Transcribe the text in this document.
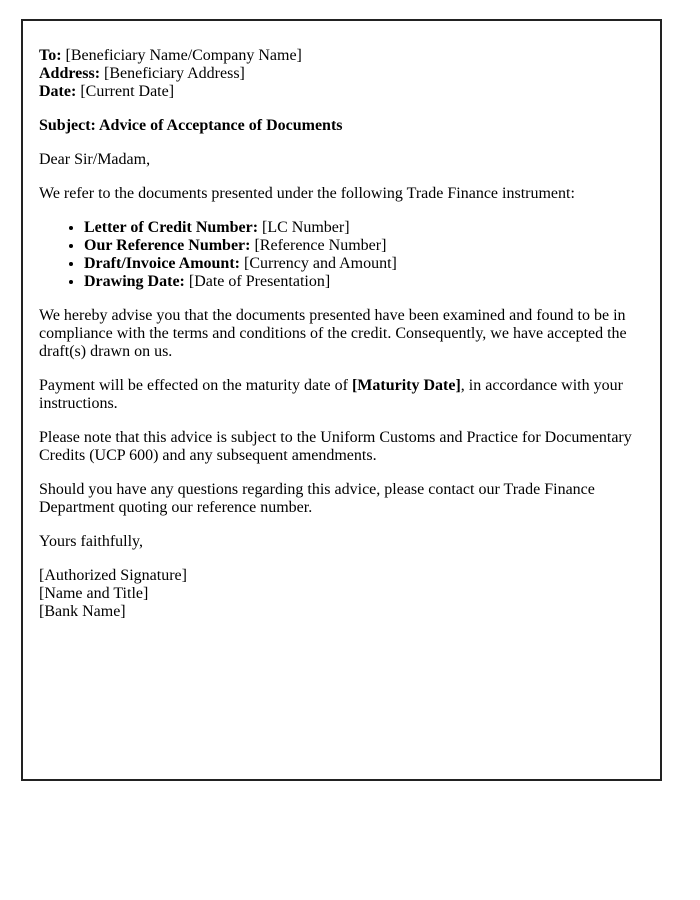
To: [Beneficiary Name/Company Name]
Address: [Beneficiary Address]
Date: [Current Date]

Subject: Advice of Acceptance of Documents

Dear Sir/Madam,

We refer to the documents presented under the following Trade Finance instrument:

• Letter of Credit Number: [LC Number]
• Our Reference Number: [Reference Number]
• Draft/Invoice Amount: [Currency and Amount]
• Drawing Date: [Date of Presentation]

We hereby advise you that the documents presented have been examined and found to be in compliance with the terms and conditions of the credit. Consequently, we have accepted the draft(s) drawn on us.

Payment will be effected on the maturity date of [Maturity Date], in accordance with your instructions.

Please note that this advice is subject to the Uniform Customs and Practice for Documentary Credits (UCP 600) and any subsequent amendments.

Should you have any questions regarding this advice, please contact our Trade Finance Department quoting our reference number.

Yours faithfully,

[Authorized Signature]
[Name and Title]
[Bank Name]
